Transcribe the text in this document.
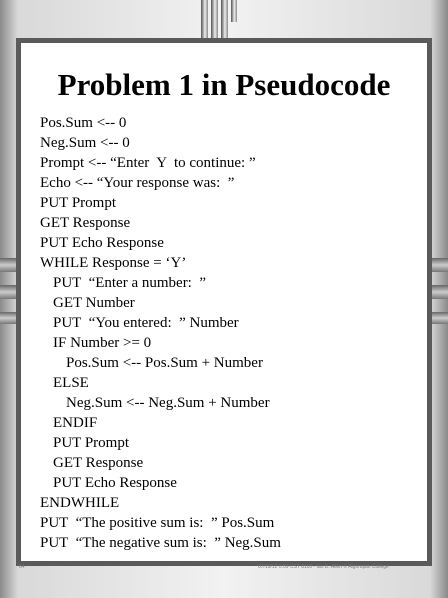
Problem 1 in Pseudocode
Pos.Sum <-- 0
Neg.Sum <-- 0
Prompt <-- “Enter  Y  to continue: ”
Echo <-- “Your response was:  ”
PUT Prompt
GET Response
PUT Echo Response
WHILE Response = ‘Y’
PUT  “Enter a number:  ”
GET Number
PUT  “You entered:  ” Number
IF Number >= 0
Pos.Sum <-- Pos.Sum + Number
ELSE
Neg.Sum <-- Neg.Sum + Number
ENDIF
PUT Prompt
GET Response
PUT Echo Response
ENDWHILE
PUT  “The positive sum is:  ” Pos.Sum
PUT  “The negative sum is:  ” Neg.Sum
64	07/19/12 0:59 CST 8110 - Ian D. Allen © Algonquin College
